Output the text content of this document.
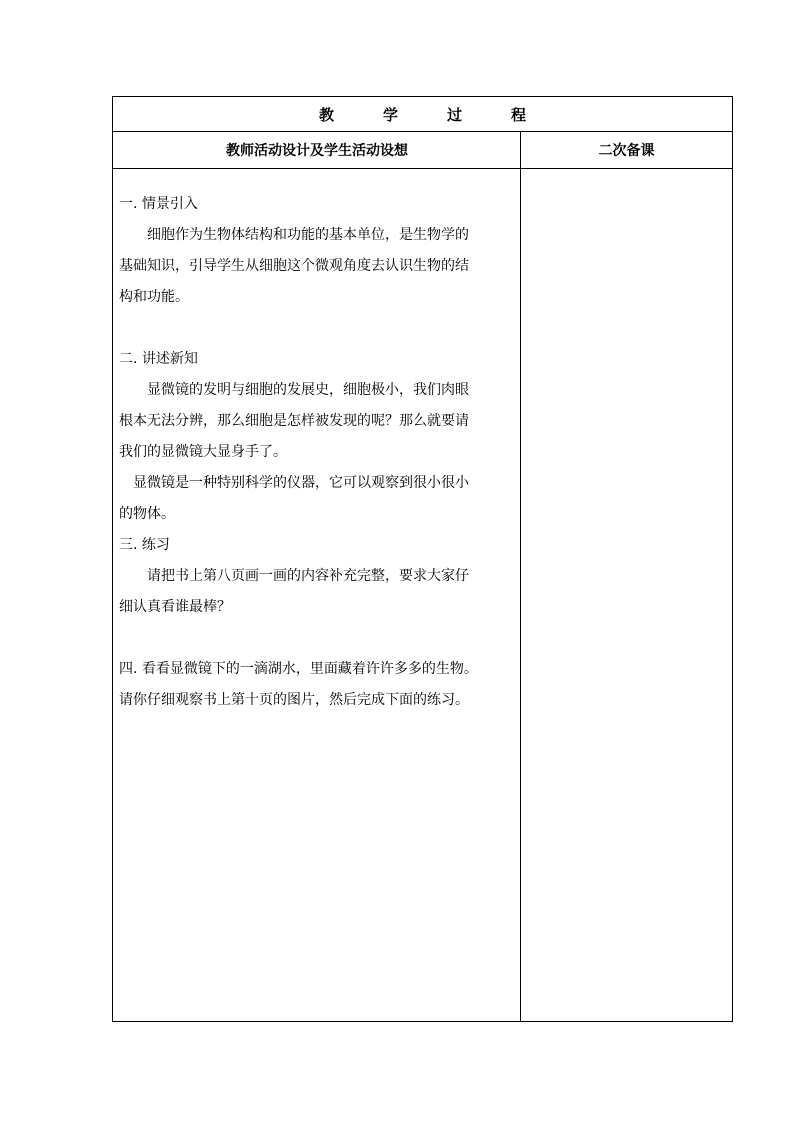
教	学	过	程
教师活动设计及学生活动设想	二次备课
一. 情景引入
细胞作为生物体结构和功能的基本单位，是生物学的
基础知识，引导学生从细胞这个微观角度去认识生物的结
构和功能。
二. 讲述新知
显微镜的发明与细胞的发展史，细胞极小，我们肉眼
根本无法分辨，那么细胞是怎样被发现的呢？那么就要请
我们的显微镜大显身手了。
显微镜是一种特别科学的仪器，它可以观察到很小很小
的物体。
三. 练习
请把书上第八页画一画的内容补充完整，要求大家仔
细认真看谁最棒？
四. 看看显微镜下的一滴湖水，里面藏着许许多多的生物。
请你仔细观察书上第十页的图片，然后完成下面的练习。
